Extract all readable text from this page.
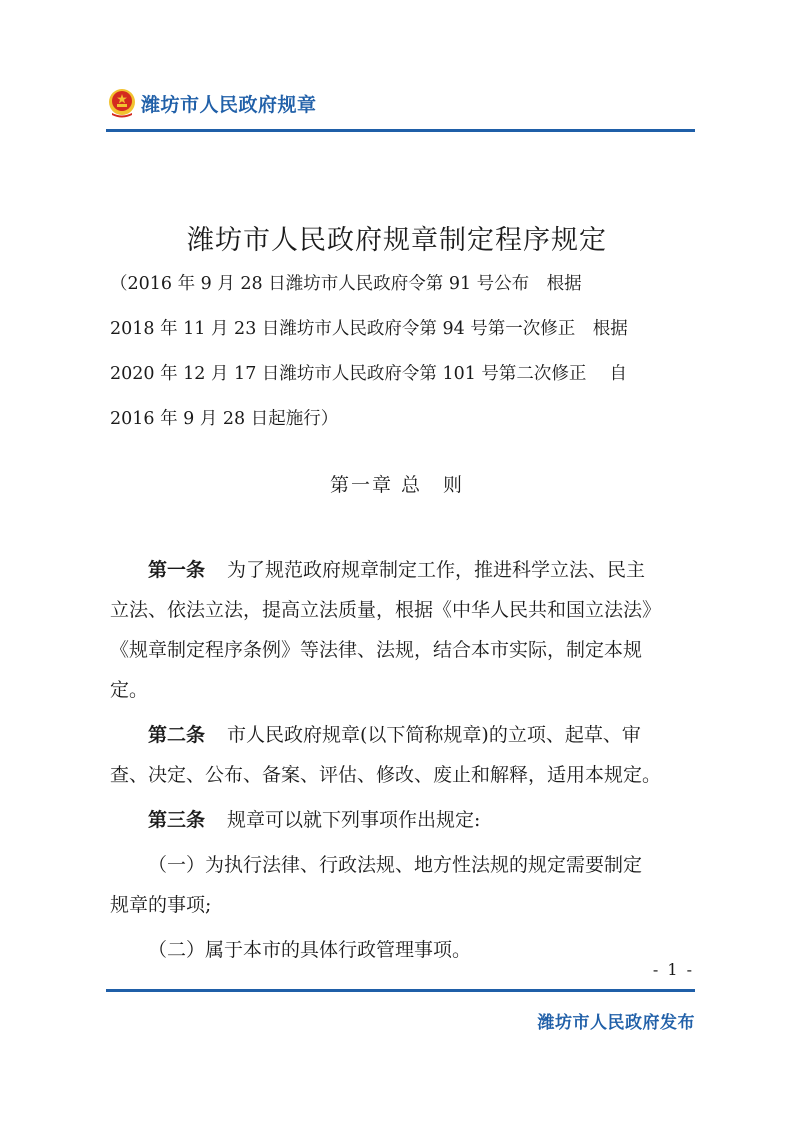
潍坊市人民政府规章
潍坊市人民政府规章制定程序规定
（2016 年 9 月 28 日潍坊市人民政府令第 91 号公布　根据
2018 年 11 月 23 日潍坊市人民政府令第 94 号第一次修正　根据
2020 年 12 月 17 日潍坊市人民政府令第 101 号第二次修正　 自
2016 年 9 月 28 日起施行）
第一章 总　则
第一条 为了规范政府规章制定工作，推进科学立法、民主
立法、依法立法，提高立法质量，根据《中华人民共和国立法法》
《规章制定程序条例》等法律、法规，结合本市实际，制定本规
定。
第二条 市人民政府规章(以下简称规章)的立项、起草、审
查、决定、公布、备案、评估、修改、废止和解释，适用本规定。
第三条 规章可以就下列事项作出规定:
（一）为执行法律、行政法规、地方性法规的规定需要制定
规章的事项;
（二）属于本市的具体行政管理事项。
- 1 -
潍坊市人民政府发布
